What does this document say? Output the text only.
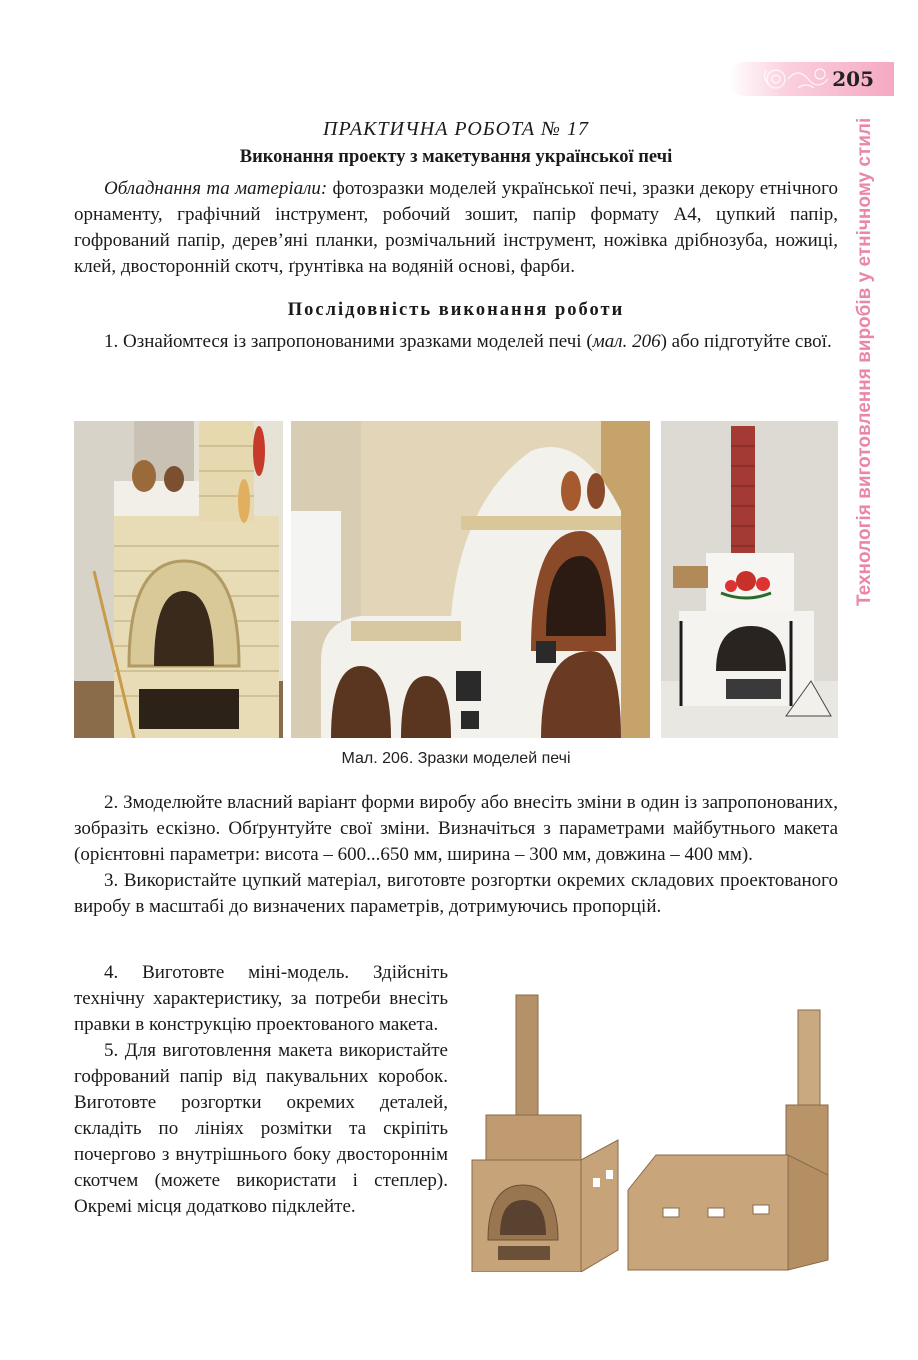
205
Технологія виготовлення виробів у етнічному стилі
ПРАКТИЧНА РОБОТА № 17
Виконання проекту з макетування української печі

Обладнання та матеріали: фотозразки моделей української печі, зразки декору етнічного орнаменту, графічний інструмент, робочий зошит, папір формату А4, цупкий папір, гофрований папір, дерев’яні планки, розмічальний інструмент, ножівка дрібнозуба, ножиці, клей, двосторонній скотч, ґрунтівка на водяній основі, фарби.

Послідовність виконання роботи

1. Ознайомтеся із запропонованими зразками моделей печі (мал. 206) або підготуйте свої.

Мал. 206. Зразки моделей печі

2. Змоделюйте власний варіант форми виробу або внесіть зміни в один із запропонованих, зобразіть ескізно. Обґрунтуйте свої зміни. Визначіться з параметрами майбутнього макета (орієнтовні параметри: висота – 600...650 мм, ширина – 300 мм, довжина – 400 мм).

3. Використайте цупкий матеріал, виготовте розгортки окремих складових проектованого виробу в масштабі до визначених параметрів, дотримуючись пропорцій.

4. Виготовте міні-модель. Здійсніть технічну характеристику, за потреби внесіть правки в конструкцію проектованого макета.

5. Для виготовлення макета використайте гофрований папір від пакувальних коробок. Виготовте розгортки окремих деталей, складіть по лініях розмітки та скріпіть почергово з внутрішнього боку двостороннім скотчем (можете використати і степлер). Окремі місця додатково підклейте.
